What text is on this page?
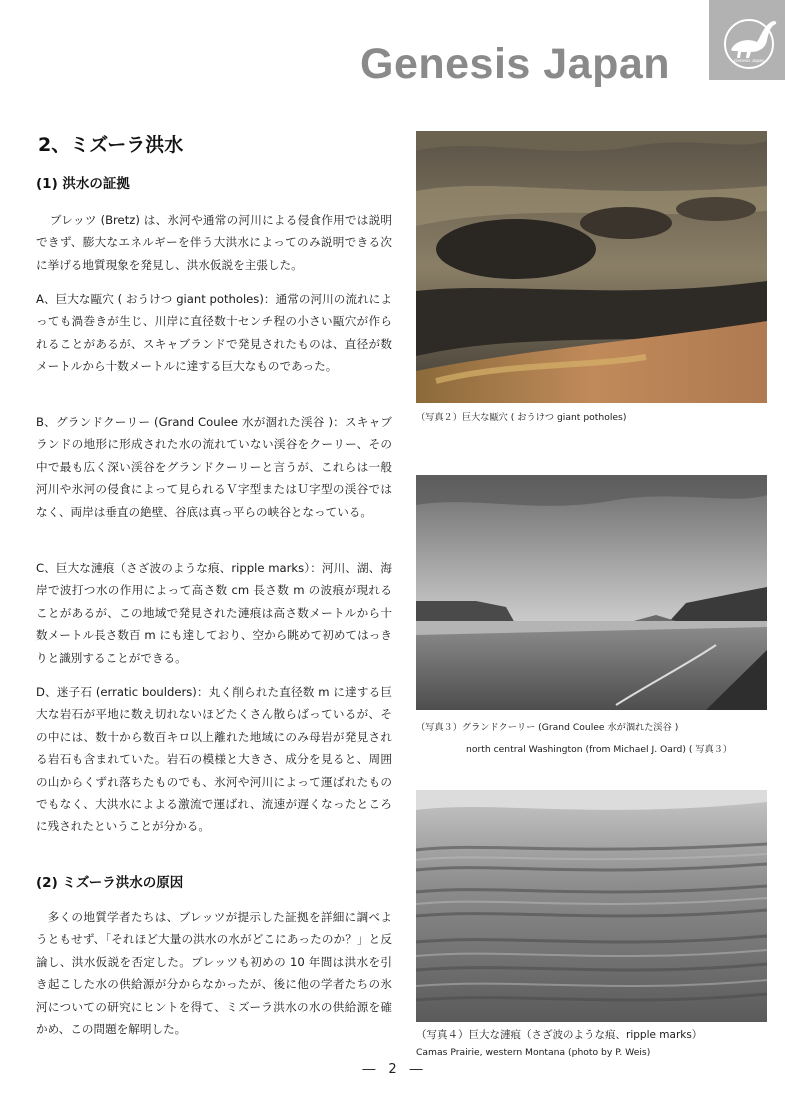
Genesis Japan	Genesis Japan
2、ミズーラ洪水
(1) 洪水の証拠
ブレッツ (Bretz) は、氷河や通常の河川による侵食作用では説明できず、膨大なエネルギーを伴う大洪水によってのみ説明できる次に挙げる地質現象を発見し、洪水仮説を主張した。
A、巨大な甌穴 ( おうけつ giant potholes)：通常の河川の流れによっても渦巻きが生じ、川岸に直径数十センチ程の小さい甌穴が作られることがあるが、スキャブランドで発見されたものは、直径が数メートルから十数メートルに達する巨大なものであった。
B、グランドクーリー (Grand Coulee 水が涸れた渓谷 )：スキャブランドの地形に形成された水の流れていない渓谷をクーリー、その中で最も広く深い渓谷をグランドクーリーと言うが、これらは一般河川や氷河の侵食によって見られるＶ字型またはＵ字型の渓谷ではなく、両岸は垂直の絶壁、谷底は真っ平らの峡谷となっている。
C、巨大な漣痕（さざ波のような痕、ripple marks）：河川、湖、海岸で波打つ水の作用によって高さ数 cm 長さ数 m の波痕が現れることがあるが、この地域で発見された漣痕は高さ数メートルから十数メートル長さ数百 m にも達しており、空から眺めて初めてはっきりと識別することができる。
D、迷子石 (erratic boulders)：丸く削られた直径数 m に達する巨大な岩石が平地に数え切れないほどたくさん散らばっているが、その中には、数十から数百キロ以上離れた地域にのみ母岩が発見される岩石も含まれていた。岩石の模様と大きさ、成分を見ると、周囲の山からくずれ落ちたものでも、氷河や河川によって運ばれたものでもなく、大洪水によよる激流で運ばれ、流速が遅くなったところに残されたということが分かる。
(2) ミズーラ洪水の原因
多くの地質学者たちは、ブレッツが提示した証拠を詳細に調べようともせず、「それほど大量の洪水の水がどこにあったのか？」と反論し、洪水仮説を否定した。ブレッツも初めの 10 年間は洪水を引き起こした水の供給源が分からなかったが、後に他の学者たちの氷河についての研究にヒントを得て、ミズーラ洪水の水の供給源を確かめ、この問題を解明した。
（写真２）巨大な甌穴 ( おうけつ giant potholes)
（写真３）グランドクーリー (Grand Coulee 水が涸れた渓谷 )
north central Washington (from Michael J. Oard) ( 写真３）
（写真４）巨大な漣痕（さざ波のような痕、ripple marks）
Camas Prairie, western Montana (photo by P. Weis)
―　2　―
